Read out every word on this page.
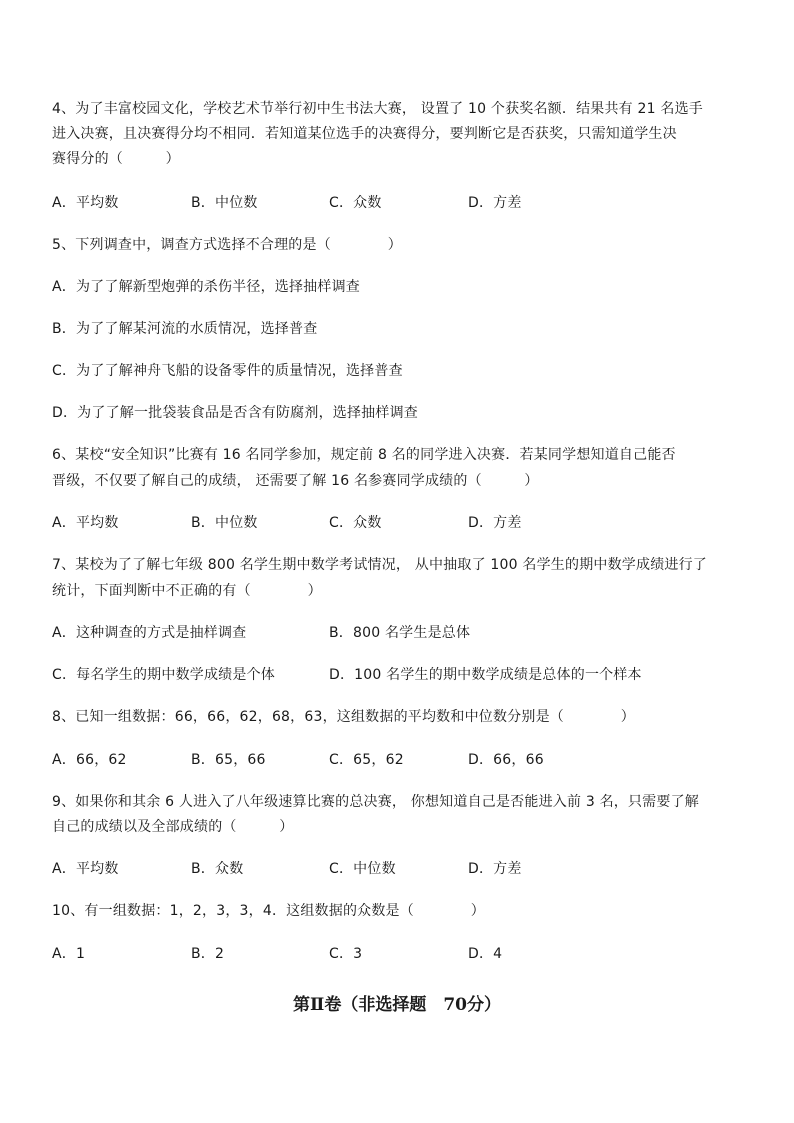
4、为了丰富校园文化，学校艺术节举行初中生书法大赛， 设置了 10 个获奖名额．结果共有 21 名选手
进入决赛，且决赛得分均不相同．若知道某位选手的决赛得分，要判断它是否获奖，只需知道学生决
赛得分的（　　　）
A．平均数	B．中位数	C．众数	D．方差
5、下列调查中，调查方式选择不合理的是（　　　　）
A．为了了解新型炮弹的杀伤半径，选择抽样调查
B．为了了解某河流的水质情况，选择普查
C．为了了解神舟飞船的设备零件的质量情况，选择普查
D．为了了解一批袋装食品是否含有防腐剂，选择抽样调查
6、某校“安全知识”比赛有 16 名同学参加，规定前 8 名的同学进入决赛．若某同学想知道自己能否
晋级，不仅要了解自己的成绩， 还需要了解 16 名参赛同学成绩的（　　　）
A．平均数	B．中位数	C．众数	D．方差
7、某校为了了解七年级 800 名学生期中数学考试情况， 从中抽取了 100 名学生的期中数学成绩进行了
统计，下面判断中不正确的有（　　　　）
A．这种调查的方式是抽样调查	B．800 名学生是总体
C．每名学生的期中数学成绩是个体	D．100 名学生的期中数学成绩是总体的一个样本
8、已知一组数据：66，66，62，68，63，这组数据的平均数和中位数分别是（　　　　）
A．66，62	B．65，66	C．65，62	D．66，66
9、如果你和其余 6 人进入了八年级速算比赛的总决赛， 你想知道自己是否能进入前 3 名，只需要了解
自己的成绩以及全部成绩的（　　　）
A．平均数	B．众数	C．中位数	D．方差
10、有一组数据：1，2，3，3，4．这组数据的众数是（　　　　）
A．1	B．2	C．3	D．4
第Ⅱ卷（非选择题　70分）
